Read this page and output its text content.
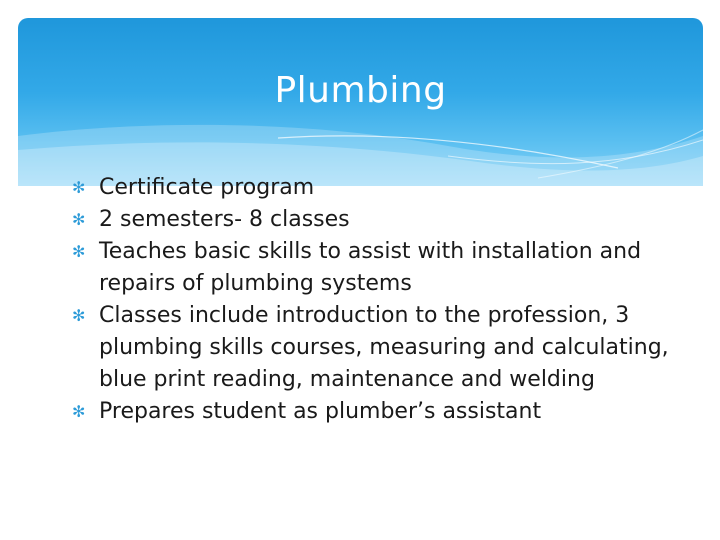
Plumbing
✻ Certificate program
✻ 2 semesters- 8 classes
✻ Teaches basic skills to assist with installation and repairs of plumbing systems
✻ Classes include introduction to the profession, 3 plumbing skills courses, measuring and calculating, blue print reading, maintenance and welding
✻ Prepares student as plumber’s assistant
